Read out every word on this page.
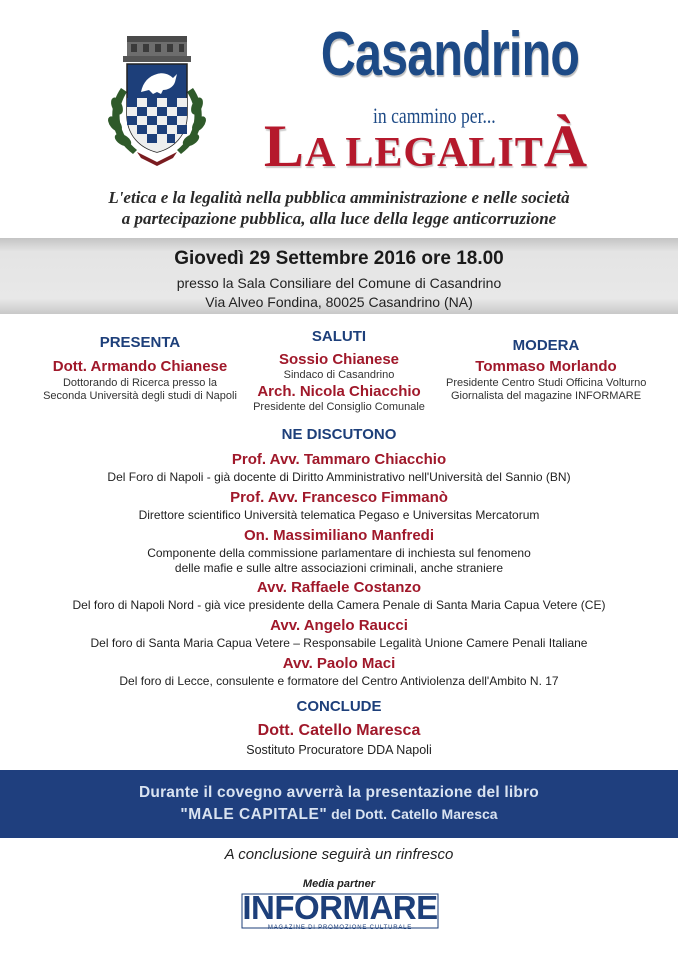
Casandrino
in cammino per...
LA LEGALITÀ
L'etica e la legalità nella pubblica amministrazione e nelle società
a partecipazione pubblica, alla luce della legge anticorruzione
Giovedì 29 Settembre 2016 ore 18.00
presso la Sala Consiliare del Comune di Casandrino
Via Alveo Fondina, 80025 Casandrino (NA)
PRESENTA
Dott. Armando Chianese
Dottorando di Ricerca presso la
Seconda Università degli studi di Napoli
SALUTI
Sossio Chianese
Sindaco di Casandrino
Arch. Nicola Chiacchio
Presidente del Consiglio Comunale
MODERA
Tommaso Morlando
Presidente Centro Studi Officina Volturno
Giornalista del magazine INFORMARE
NE DISCUTONO
Prof. Avv. Tammaro Chiacchio
Del Foro di Napoli - già docente di Diritto Amministrativo nell'Università del Sannio (BN)
Prof. Avv. Francesco Fimmanò
Direttore scientifico Università telematica Pegaso e Universitas Mercatorum
On. Massimiliano Manfredi
Componente della commissione parlamentare di inchiesta sul fenomeno
delle mafie e sulle altre associazioni criminali, anche straniere
Avv. Raffaele Costanzo
Del foro di Napoli Nord - già vice presidente della Camera Penale di Santa Maria Capua Vetere (CE)
Avv. Angelo Raucci
Del foro di Santa Maria Capua Vetere – Responsabile Legalità Unione Camere Penali Italiane
Avv. Paolo Maci
Del foro di Lecce, consulente e formatore del Centro Antiviolenza dell'Ambito N. 17
CONCLUDE
Dott. Catello Maresca
Sostituto Procuratore DDA Napoli
Durante il covegno avverrà la presentazione del libro
"MALE CAPITALE" del Dott. Catello Maresca
A conclusione seguirà un rinfresco
Media partner
INFORMARE
MAGAZINE DI PROMOZIONE CULTURALE
